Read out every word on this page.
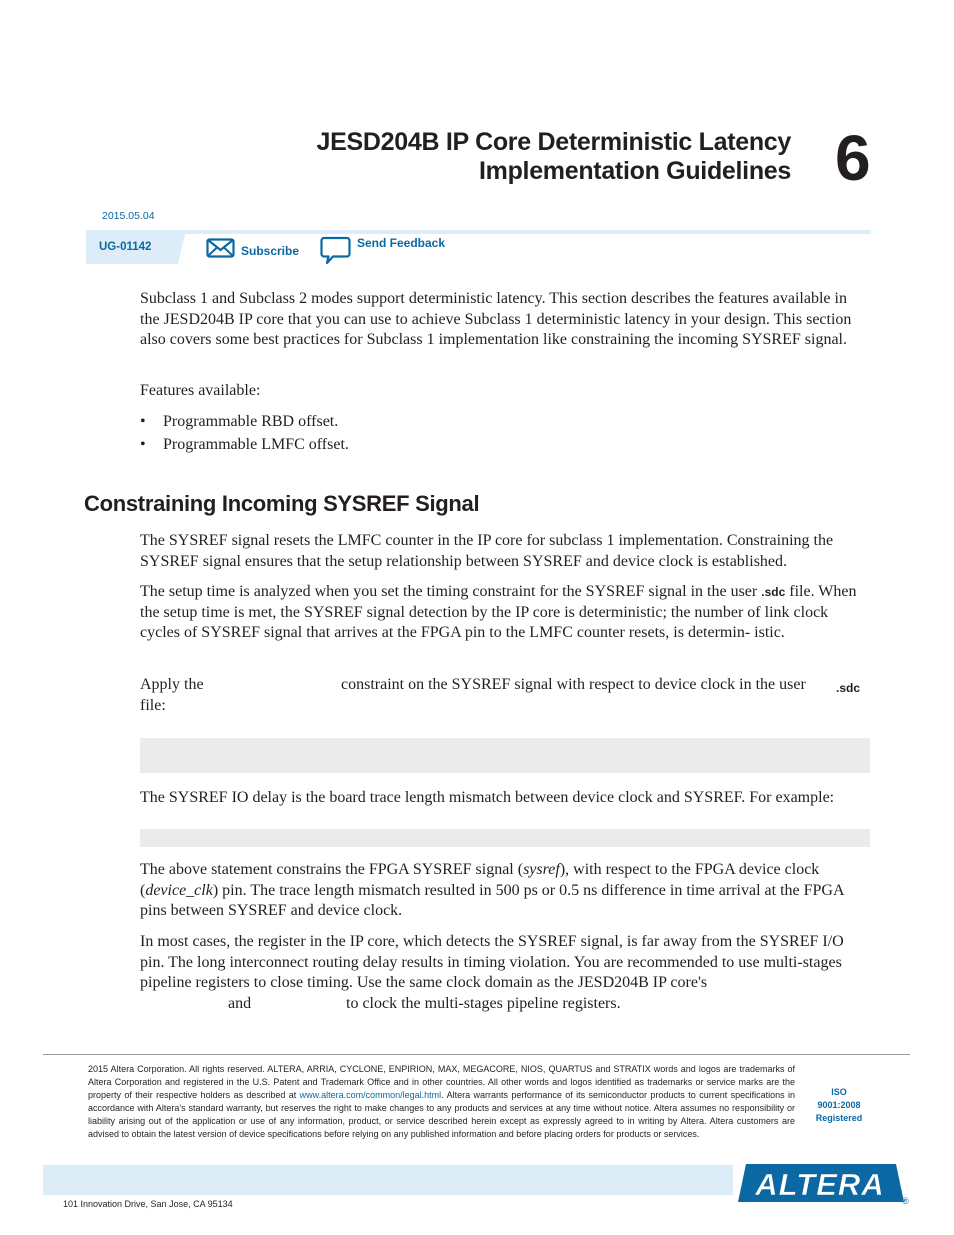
JESD204B IP Core Deterministic Latency
Implementation Guidelines 6
2015.05.04
UG-01142	Subscribe
Send Feedback

Subclass 1 and Subclass 2 modes support deterministic latency. This section describes the features available in the JESD204B IP core that you can use to achieve Subclass 1 deterministic latency in your design. This section also covers some best practices for Subclass 1 implementation like constraining the incoming SYSREF signal.

Features available:

• Programmable RBD offset.
• Programmable LMFC offset.
Constraining Incoming SYSREF Signal

The SYSREF signal resets the LMFC counter in the IP core for subclass 1 implementation. Constraining the SYSREF signal ensures that the setup relationship between SYSREF and device clock is established.

The setup time is analyzed when you set the timing constraint for the SYSREF signal in the user .sdc file. When the setup time is met, the SYSREF signal detection by the IP core is deterministic; the number of link clock cycles of SYSREF signal that arrives at the FPGA pin to the LMFC counter resets, is determin- istic.

Apply the	constraint on the SYSREF signal with respect to device clock in the user	.sdc
file:

The SYSREF IO delay is the board trace length mismatch between device clock and SYSREF. For example:

The above statement constrains the FPGA SYSREF signal (sysref), with respect to the FPGA device clock (device_clk) pin. The trace length mismatch resulted in 500 ps or 0.5 ns difference in time arrival at the FPGA pins between SYSREF and device clock.

In most cases, the register in the IP core, which detects the SYSREF signal, is far away from the SYSREF I/O pin. The long interconnect routing delay results in timing violation. You are recommended to use multi-stages pipeline registers to close timing. Use the same clock domain as the JESD204B IP core's
and	to clock the multi-stages pipeline registers.
2015 Altera Corporation. All rights reserved. ALTERA, ARRIA, CYCLONE, ENPIRION, MAX, MEGACORE, NIOS, QUARTUS and STRATIX words and logos are trademarks of Altera Corporation and registered in the U.S. Patent and Trademark Office and in other countries. All other words and logos identified as trademarks or service marks are the property of their respective holders as described at www.altera.com/common/legal.html. Altera warrants performance of its semiconductor products to current specifications in accordance with Altera's standard warranty, but reserves the right to make changes to any products and services at any time without notice. Altera assumes no responsibility or liability arising out of the application or use of any information, product, or service described herein except as expressly agreed to in writing by Altera. Altera customers are advised to obtain the latest version of device specifications before relying on any published information and before placing orders for products or services.
ISO
9001:2008
Registered
ALTERA ®
101 Innovation Drive, San Jose, CA 95134
